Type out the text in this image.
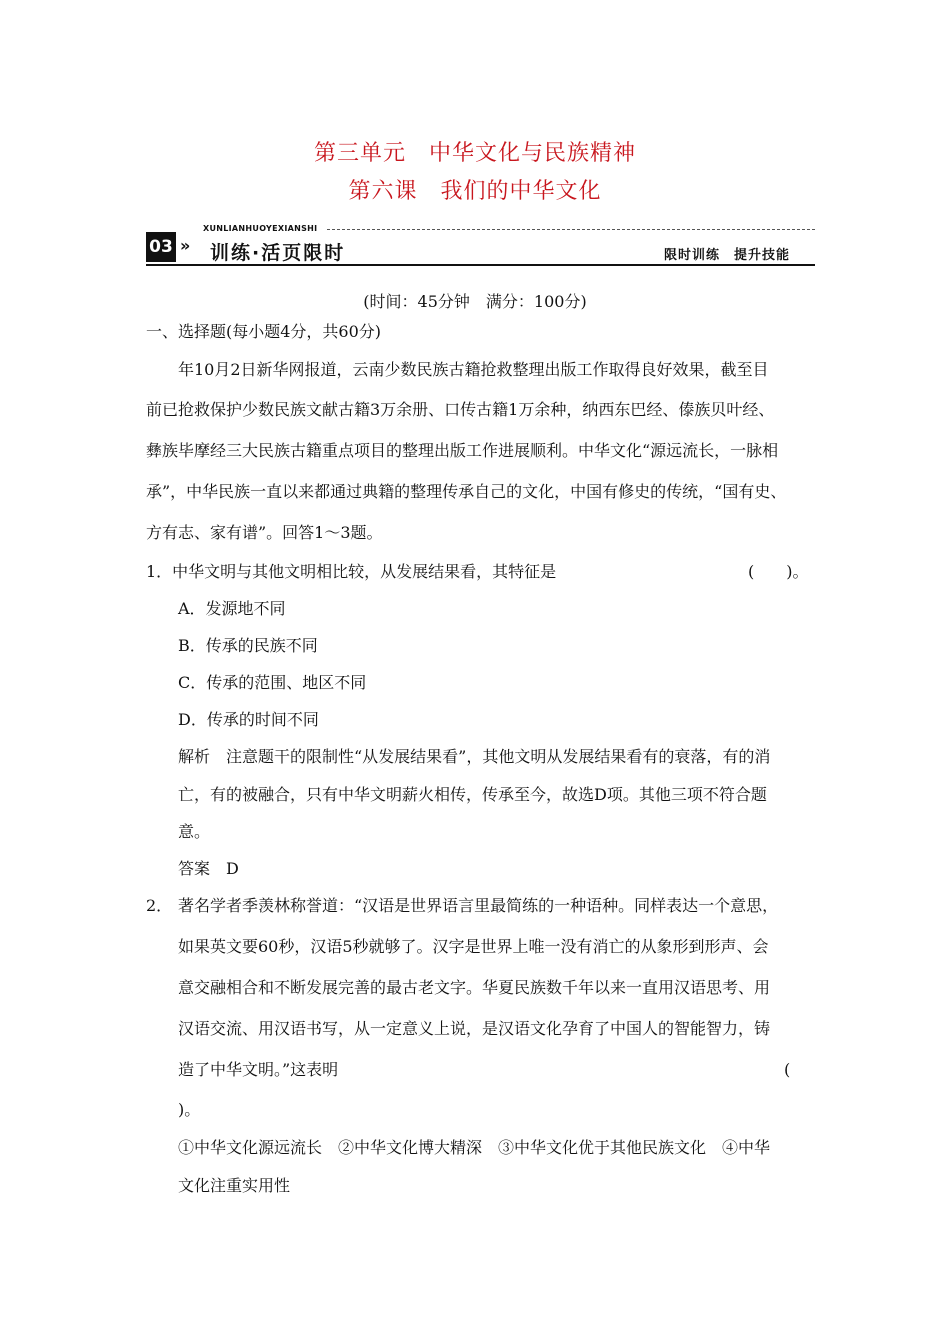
第三单元　中华文化与民族精神
第六课　我们的中华文化
XUNLIANHUOYEXIANSHI
03 » 训练·活页限时	限时训练　提升技能
(时间：45分钟　满分：100分)
一、选择题(每小题4分，共60分)
年10月2日新华网报道，云南少数民族古籍抢救整理出版工作取得良好效果，截至目
前已抢救保护少数民族文献古籍3万余册、口传古籍1万余种，纳西东巴经、傣族贝叶经、
彝族毕摩经三大民族古籍重点项目的整理出版工作进展顺利。中华文化“源远流长，一脉相
承”，中华民族一直以来都通过典籍的整理传承自己的文化，中国有修史的传统，“国有史、
方有志、家有谱”。回答1～3题。
1．中华文明与其他文明相比较，从发展结果看，其特征是	(　　)。
A．发源地不同
B．传承的民族不同
C．传承的范围、地区不同
D．传承的时间不同
解析　注意题干的限制性“从发展结果看”，其他文明从发展结果看有的衰落，有的消
亡，有的被融合，只有中华文明薪火相传，传承至今，故选D项。其他三项不符合题
意。
答案　D
2． 著名学者季羡林称誉道：“汉语是世界语言里最简练的一种语种。同样表达一个意思，
如果英文要60秒，汉语5秒就够了。汉字是世界上唯一没有消亡的从象形到形声、会
意交融相合和不断发展完善的最古老文字。华夏民族数千年以来一直用汉语思考、用
汉语交流、用汉语书写，从一定意义上说，是汉语文化孕育了中国人的智能智力，铸
造了中华文明。”这表明	(
)。
①中华文化源远流长　②中华文化博大精深　③中华文化优于其他民族文化　④中华
文化注重实用性
